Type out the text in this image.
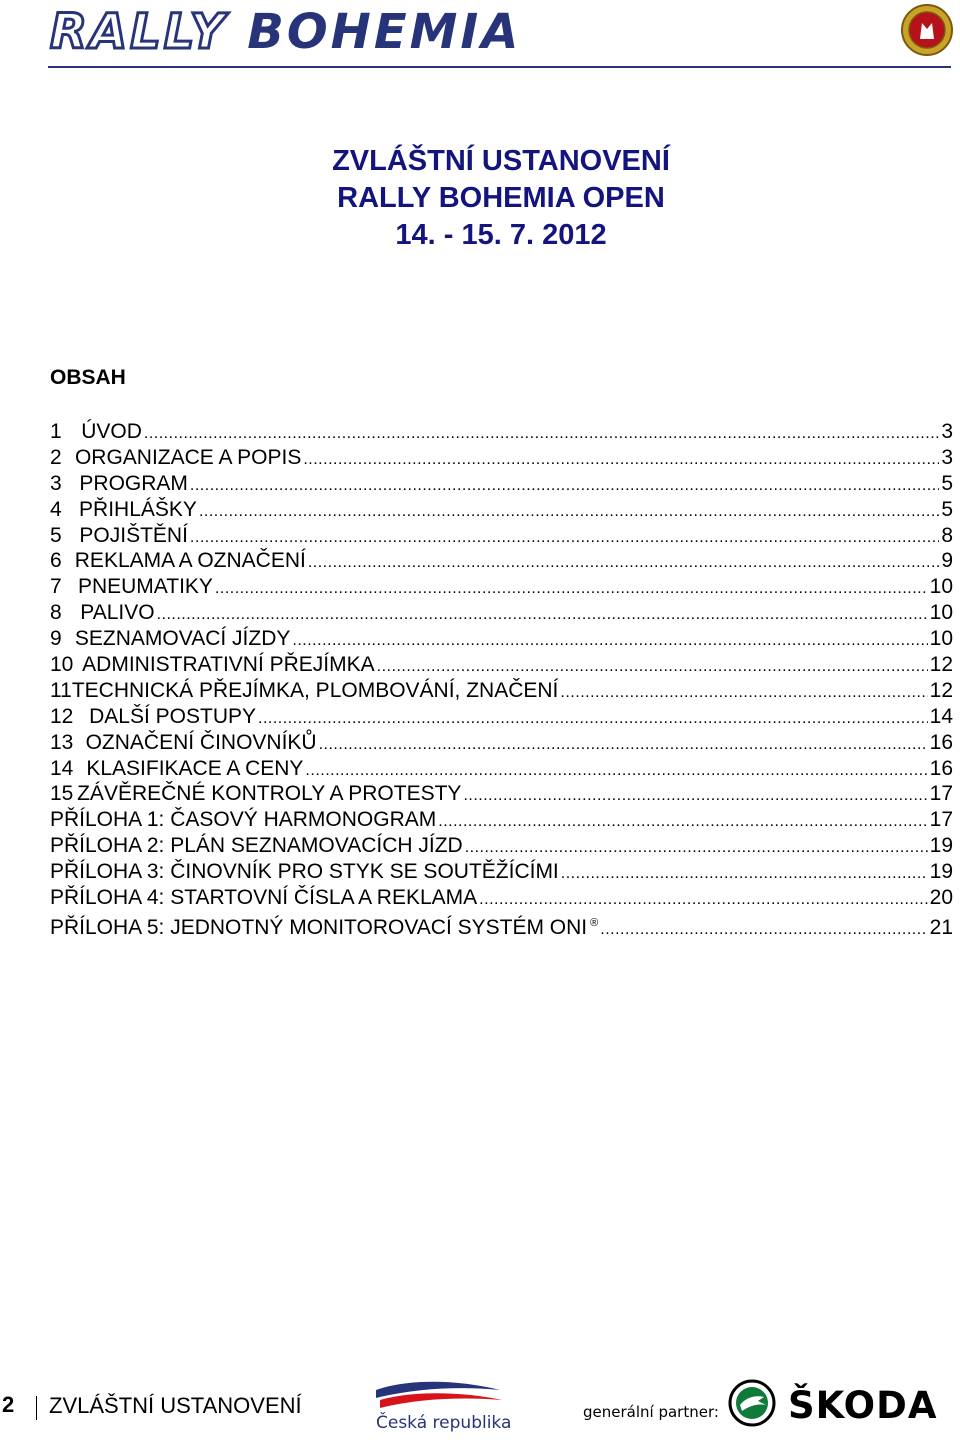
RALLY BOHEMIA
ZVLÁŠTNÍ USTANOVENÍ
RALLY BOHEMIA OPEN
14. - 15. 7. 2012
OBSAH
1 ÚVOD .....	3
2 ORGANIZACE A POPIS .....	3
3 PROGRAM .....	5
4 PŘIHLÁŠKY .....	5
5 POJIŠTĚNÍ .....	8
6 REKLAMA A OZNAČENÍ .....	9
7 PNEUMATIKY .....	10
8 PALIVO .....	10
9 SEZNAMOVACÍ JÍZDY .....	10
10 ADMINISTRATIVNÍ PŘEJÍMKA .....	12
11 TECHNICKÁ PŘEJÍMKA, PLOMBOVÁNÍ, ZNAČENÍ .....	12
12 DALŠÍ POSTUPY .....	14
13 OZNAČENÍ ČINOVNÍKŮ .....	16
14 KLASIFIKACE A CENY .....	16
15 ZÁVĚREČNÉ KONTROLY A PROTESTY .....	17
PŘÍLOHA 1: ČASOVÝ HARMONOGRAM .....	17
PŘÍLOHA 2: PLÁN SEZNAMOVACÍCH JÍZD .....	19
PŘÍLOHA 3: ČINOVNÍK PRO STYK SE SOUTĚŽÍCÍMI .....	19
PŘÍLOHA 4: STARTOVNÍ ČÍSLA A REKLAMA .....	20
PŘÍLOHA 5: JEDNOTNÝ MONITOROVACÍ SYSTÉM ONI ® .....	21
2 ZVLÁŠTNÍ USTANOVENÍ
Česká republika
generální partner: ŠKODA
